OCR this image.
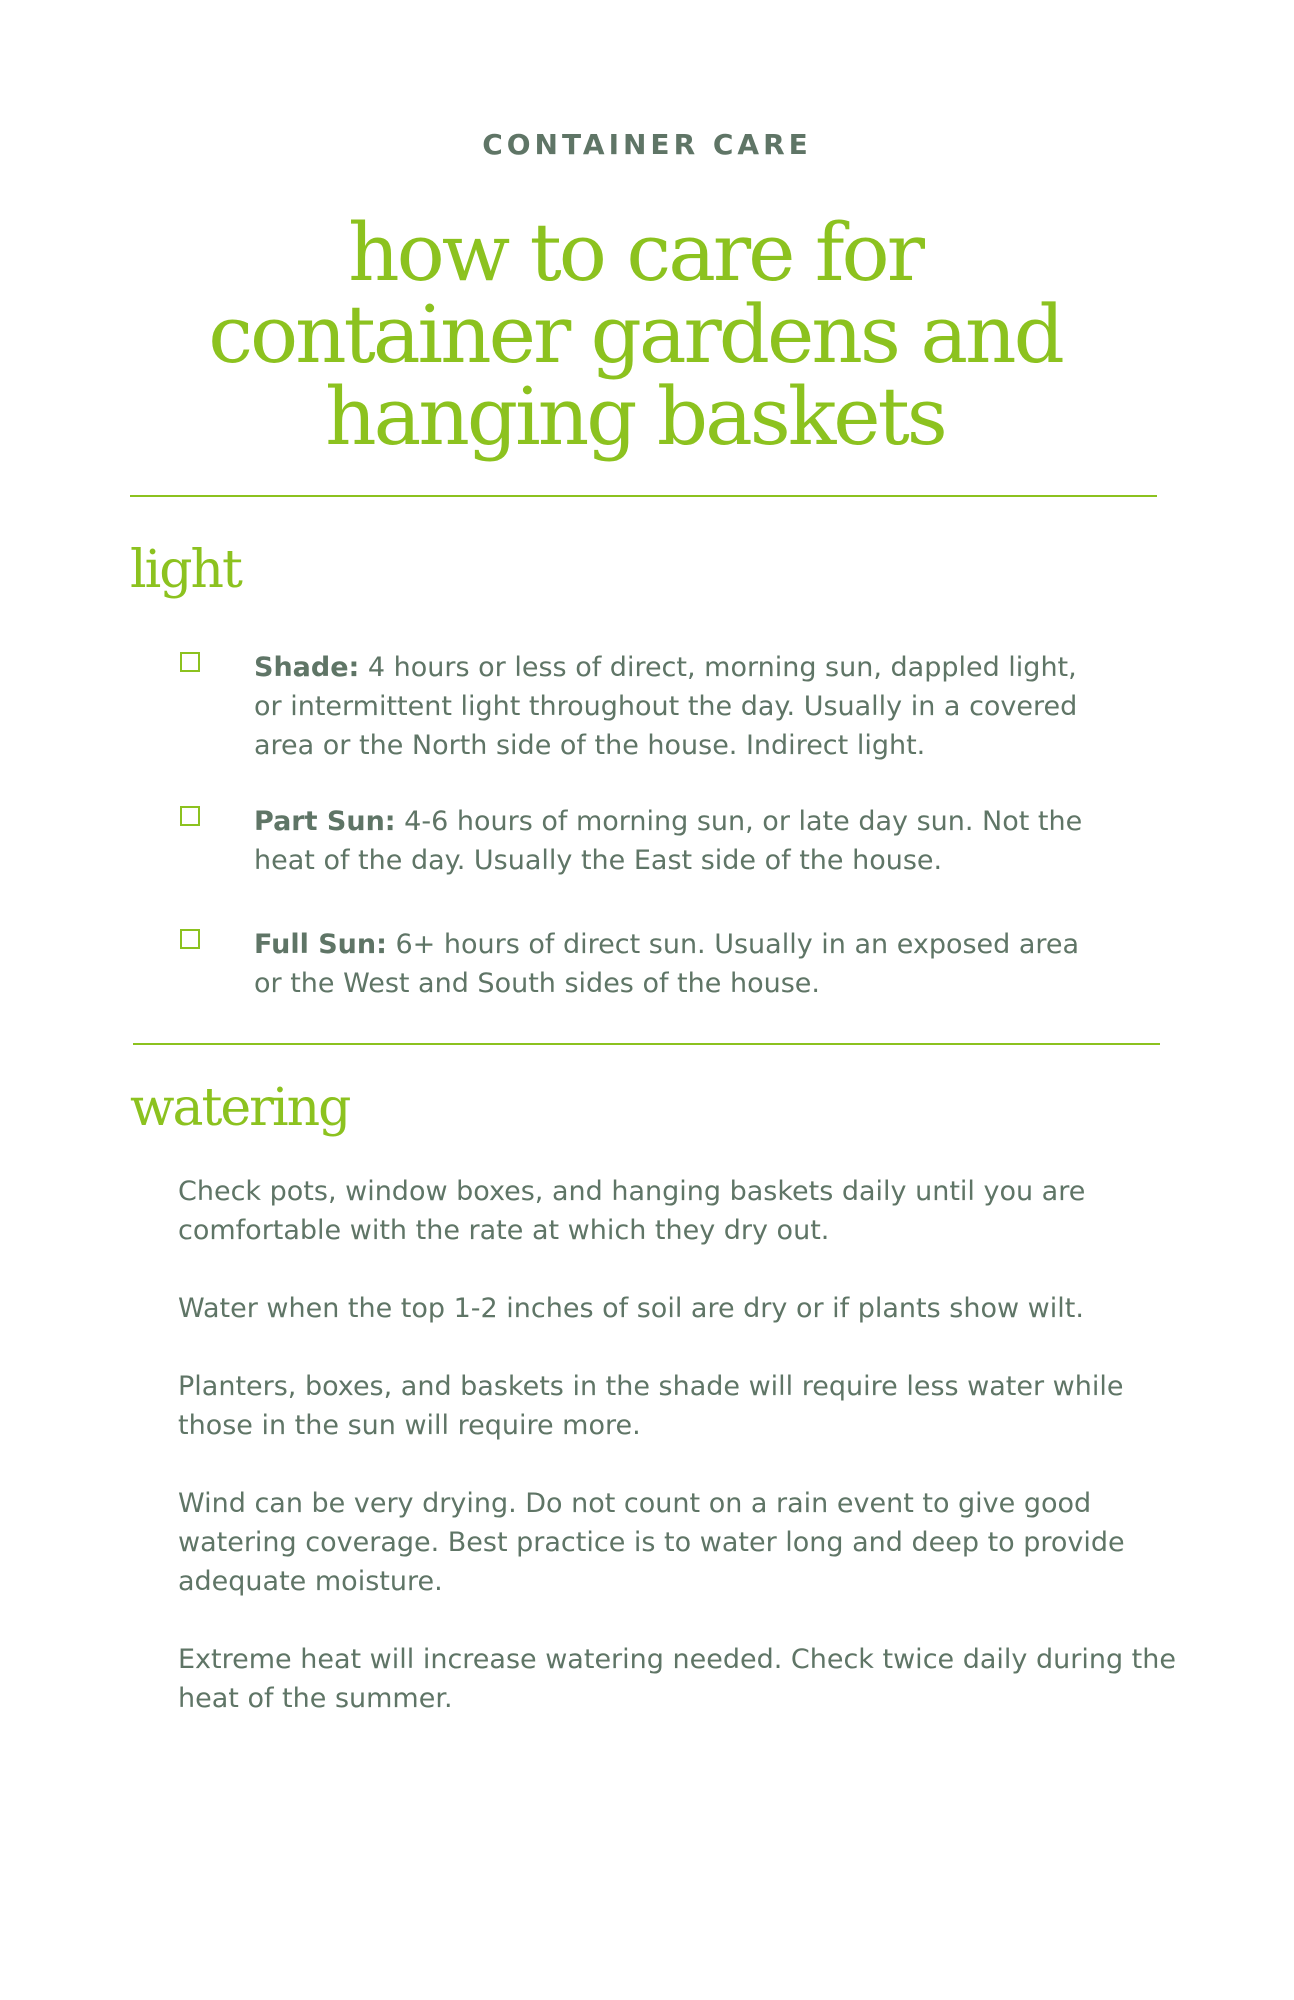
CONTAINER CARE
how to care for
container gardens and
hanging baskets
light
Shade: 4 hours or less of direct, morning sun, dappled light, or intermittent light throughout the day. Usually in a covered area or the North side of the house. Indirect light.
Part Sun: 4-6 hours of morning sun, or late day sun. Not the heat of the day. Usually the East side of the house.
Full Sun: 6+ hours of direct sun. Usually in an exposed area or the West and South sides of the house.
watering

Check pots, window boxes, and hanging baskets daily until you are comfortable with the rate at which they dry out.

Water when the top 1-2 inches of soil are dry or if plants show wilt.

Planters, boxes, and baskets in the shade will require less water while those in the sun will require more.

Wind can be very drying. Do not count on a rain event to give good watering coverage. Best practice is to water long and deep to provide adequate moisture.

Extreme heat will increase watering needed. Check twice daily during the heat of the summer.
